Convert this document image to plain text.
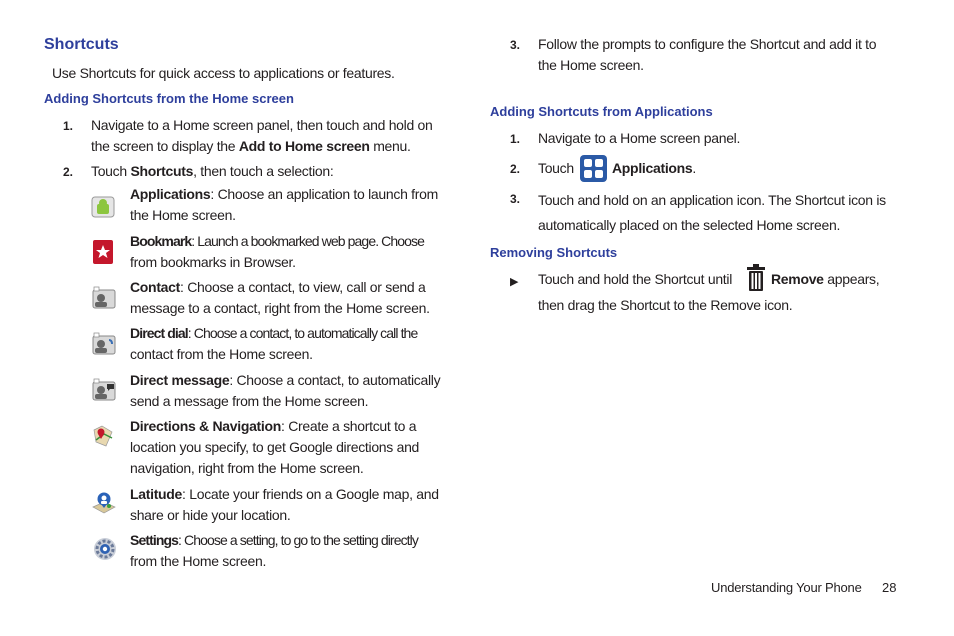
Shortcuts
Use Shortcuts for quick access to applications or features.
Adding Shortcuts from the Home screen
1. Navigate to a Home screen panel, then touch and hold on
the screen to display the Add to Home screen menu.
2. Touch Shortcuts, then touch a selection:
Applications: Choose an application to launch from
the Home screen.
Bookmark: Launch a bookmarked web page. Choose
from bookmarks in Browser.
Contact: Choose a contact, to view, call or send a
message to a contact, right from the Home screen.
Direct dial: Choose a contact, to automatically call the
contact from the Home screen.
Direct message: Choose a contact, to automatically
send a message from the Home screen.
Directions & Navigation: Create a shortcut to a
location you specify, to get Google directions and
navigation, right from the Home screen.
Latitude: Locate your friends on a Google map, and
share or hide your location.
Settings: Choose a setting, to go to the setting directly
from the Home screen.
3. Follow the prompts to configure the Shortcut and add it to
the Home screen.
Adding Shortcuts from Applications
1. Navigate to a Home screen panel.
2. Touch	Applications.
3. Touch and hold on an application icon. The Shortcut icon is
automatically placed on the selected Home screen.
Removing Shortcuts
▶ Touch and hold the Shortcut until	Remove appears,
then drag the Shortcut to the Remove icon.
Understanding Your Phone 28
